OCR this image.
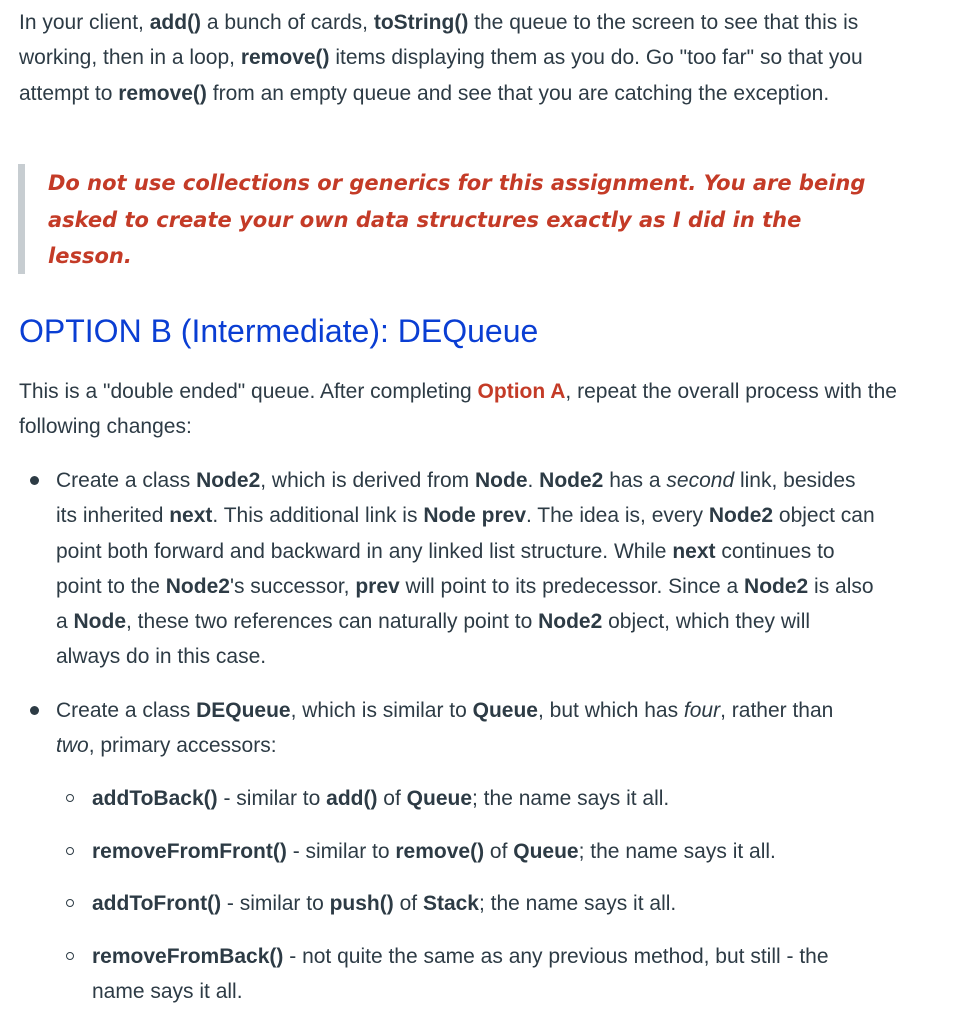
In your client, add() a bunch of cards, toString() the queue to the screen to see that this is working, then in a loop, remove() items displaying them as you do. Go "too far" so that you attempt to remove() from an empty queue and see that you are catching the exception.

Do not use collections or generics for this assignment. You are being asked to create your own data structures exactly as I did in the lesson.

OPTION B (Intermediate): DEQueue

This is a "double ended" queue. After completing Option A, repeat the overall process with the following changes:

Create a class Node2, which is derived from Node. Node2 has a second link, besides its inherited next. This additional link is Node prev. The idea is, every Node2 object can point both forward and backward in any linked list structure. While next continues to point to the Node2's successor, prev will point to its predecessor. Since a Node2 is also a Node, these two references can naturally point to Node2 object, which they will always do in this case.

Create a class DEQueue, which is similar to Queue, but which has four, rather than two, primary accessors:

addToBack() - similar to add() of Queue; the name says it all.

removeFromFront() - similar to remove() of Queue; the name says it all.

addToFront() - similar to push() of Stack; the name says it all.

removeFromBack() - not quite the same as any previous method, but still - the name says it all.
